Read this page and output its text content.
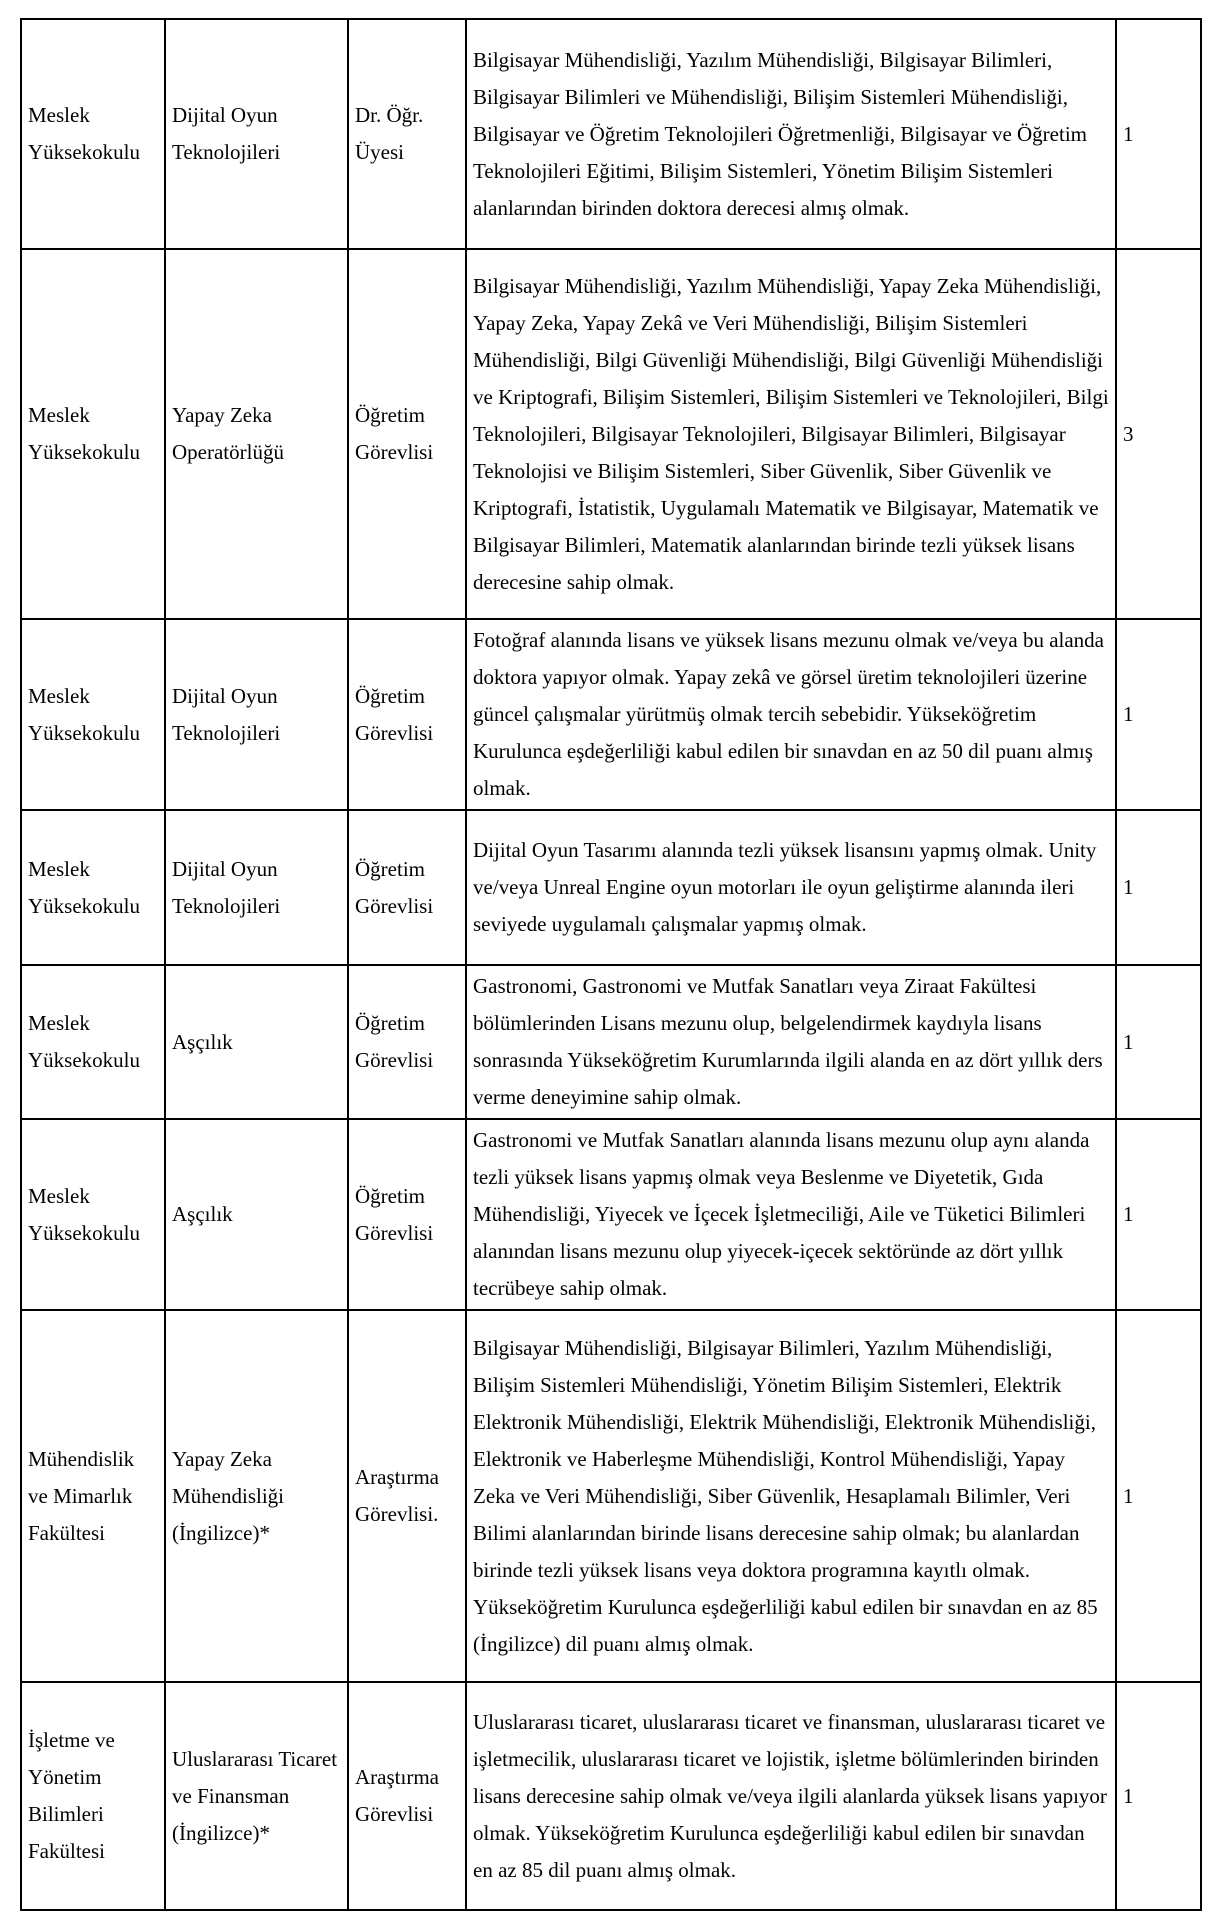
Meslek Yüksekokulu	Dijital Oyun Teknolojileri	Dr. Öğr. Üyesi	Bilgisayar Mühendisliği, Yazılım Mühendisliği, Bilgisayar Bilimleri, Bilgisayar Bilimleri ve Mühendisliği, Bilişim Sistemleri Mühendisliği, Bilgisayar ve Öğretim Teknolojileri Öğretmenliği, Bilgisayar ve Öğretim Teknolojileri Eğitimi, Bilişim Sistemleri, Yönetim Bilişim Sistemleri alanlarından birinden doktora derecesi almış olmak.	1
Meslek Yüksekokulu	Yapay Zeka Operatörlüğü	Öğretim Görevlisi	Bilgisayar Mühendisliği, Yazılım Mühendisliği, Yapay Zeka Mühendisliği, Yapay Zeka, Yapay Zekâ ve Veri Mühendisliği, Bilişim Sistemleri Mühendisliği, Bilgi Güvenliği Mühendisliği, Bilgi Güvenliği Mühendisliği ve Kriptografi, Bilişim Sistemleri, Bilişim Sistemleri ve Teknolojileri, Bilgi Teknolojileri, Bilgisayar Teknolojileri, Bilgisayar Bilimleri, Bilgisayar Teknolojisi ve Bilişim Sistemleri, Siber Güvenlik, Siber Güvenlik ve Kriptografi, İstatistik, Uygulamalı Matematik ve Bilgisayar, Matematik ve Bilgisayar Bilimleri, Matematik alanlarından birinde tezli yüksek lisans derecesine sahip olmak.	3
Meslek Yüksekokulu	Dijital Oyun Teknolojileri	Öğretim Görevlisi	Fotoğraf alanında lisans ve yüksek lisans mezunu olmak ve/veya bu alanda doktora yapıyor olmak. Yapay zekâ ve görsel üretim teknolojileri üzerine güncel çalışmalar yürütmüş olmak tercih sebebidir. Yükseköğretim Kurulunca eşdeğerliliği kabul edilen bir sınavdan en az 50 dil puanı almış olmak.	1
Meslek Yüksekokulu	Dijital Oyun Teknolojileri	Öğretim Görevlisi	Dijital Oyun Tasarımı alanında tezli yüksek lisansını yapmış olmak. Unity ve/veya Unreal Engine oyun motorları ile oyun geliştirme alanında ileri seviyede uygulamalı çalışmalar yapmış olmak.	1
Meslek Yüksekokulu	Aşçılık	Öğretim Görevlisi	Gastronomi, Gastronomi ve Mutfak Sanatları veya Ziraat Fakültesi bölümlerinden Lisans mezunu olup, belgelendirmek kaydıyla lisans sonrasında Yükseköğretim Kurumlarında ilgili alanda en az dört yıllık ders verme deneyimine sahip olmak.	1
Meslek Yüksekokulu	Aşçılık	Öğretim Görevlisi	Gastronomi ve Mutfak Sanatları alanında lisans mezunu olup aynı alanda tezli yüksek lisans yapmış olmak veya Beslenme ve Diyetetik, Gıda Mühendisliği, Yiyecek ve İçecek İşletmeciliği, Aile ve Tüketici Bilimleri alanından lisans mezunu olup yiyecek-içecek sektöründe az dört yıllık tecrübeye sahip olmak.	1
Mühendislik ve Mimarlık Fakültesi	Yapay Zeka Mühendisliği (İngilizce)*	Araştırma Görevlisi.	Bilgisayar Mühendisliği, Bilgisayar Bilimleri, Yazılım Mühendisliği, Bilişim Sistemleri Mühendisliği, Yönetim Bilişim Sistemleri, Elektrik Elektronik Mühendisliği, Elektrik Mühendisliği, Elektronik Mühendisliği, Elektronik ve Haberleşme Mühendisliği, Kontrol Mühendisliği, Yapay Zeka ve Veri Mühendisliği, Siber Güvenlik, Hesaplamalı Bilimler, Veri Bilimi alanlarından birinde lisans derecesine sahip olmak; bu alanlardan birinde tezli yüksek lisans veya doktora programına kayıtlı olmak. Yükseköğretim Kurulunca eşdeğerliliği kabul edilen bir sınavdan en az 85 (İngilizce) dil puanı almış olmak.	1
İşletme ve Yönetim Bilimleri Fakültesi	Uluslararası Ticaret ve Finansman (İngilizce)*	Araştırma Görevlisi	Uluslararası ticaret, uluslararası ticaret ve finansman, uluslararası ticaret ve işletmecilik, uluslararası ticaret ve lojistik, işletme bölümlerinden birinden lisans derecesine sahip olmak ve/veya ilgili alanlarda yüksek lisans yapıyor olmak. Yükseköğretim Kurulunca eşdeğerliliği kabul edilen bir sınavdan en az 85 dil puanı almış olmak.	1
